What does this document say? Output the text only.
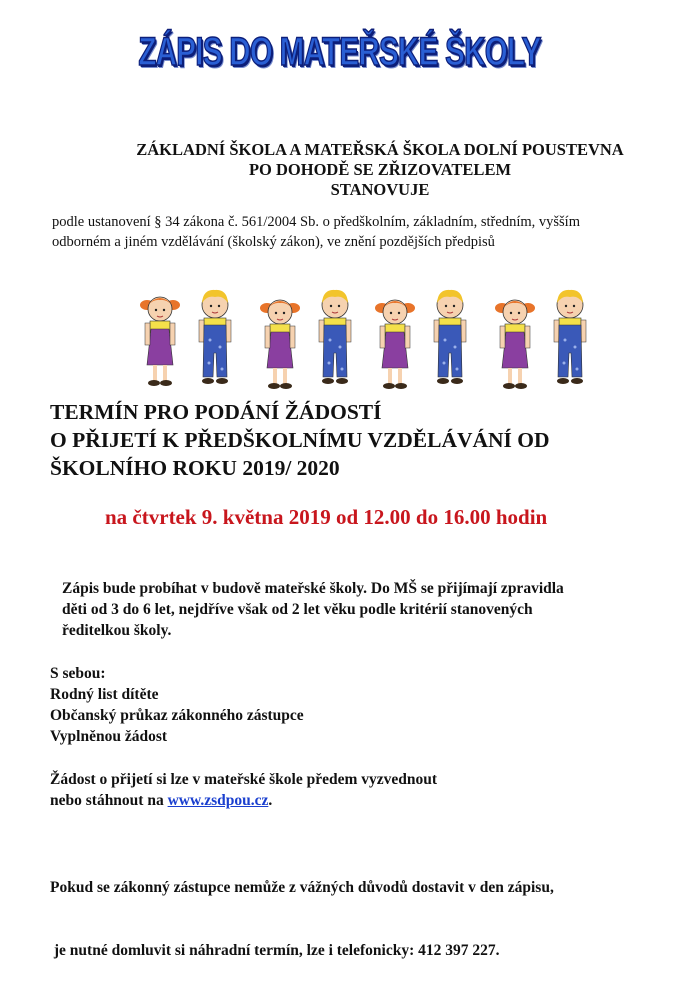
ZÁPIS DO MATEŘSKÉ ŠKOLY
ZÁKLADNÍ ŠKOLA A MATEŘSKÁ ŠKOLA DOLNÍ POUSTEVNA
PO DOHODĚ SE ZŘIZOVATELEM
STANOVUJE
podle ustanovení § 34 zákona č. 561/2004 Sb. o předškolním, základním, středním, vyšším
odborném a jiném vzdělávání (školský zákon), ve znění pozdějších předpisů
TERMÍN PRO PODÁNÍ ŽÁDOSTÍ
O PŘIJETÍ K PŘEDŠKOLNÍMU VZDĚLÁVÁNÍ OD
ŠKOLNÍHO ROKU 2019/ 2020
na čtvrtek 9. května 2019 od 12.00 do 16.00 hodin
Zápis bude probíhat v budově mateřské školy. Do MŠ se přijímají zpravidla
děti od 3 do 6 let, nejdříve však od 2 let věku podle kritérií stanovených
ředitelkou školy.
S sebou:
Rodný list dítěte
Občanský průkaz zákonného zástupce
Vyplněnou žádost
Žádost o přijetí si lze v mateřské škole předem vyzvednout
nebo stáhnout na www.zsdpou.cz.

Pokud se zákonný zástupce nemůže z vážných důvodů dostavit v den zápisu,

je nutné domluvit si náhradní termín, lze i telefonicky: 412 397 227.
